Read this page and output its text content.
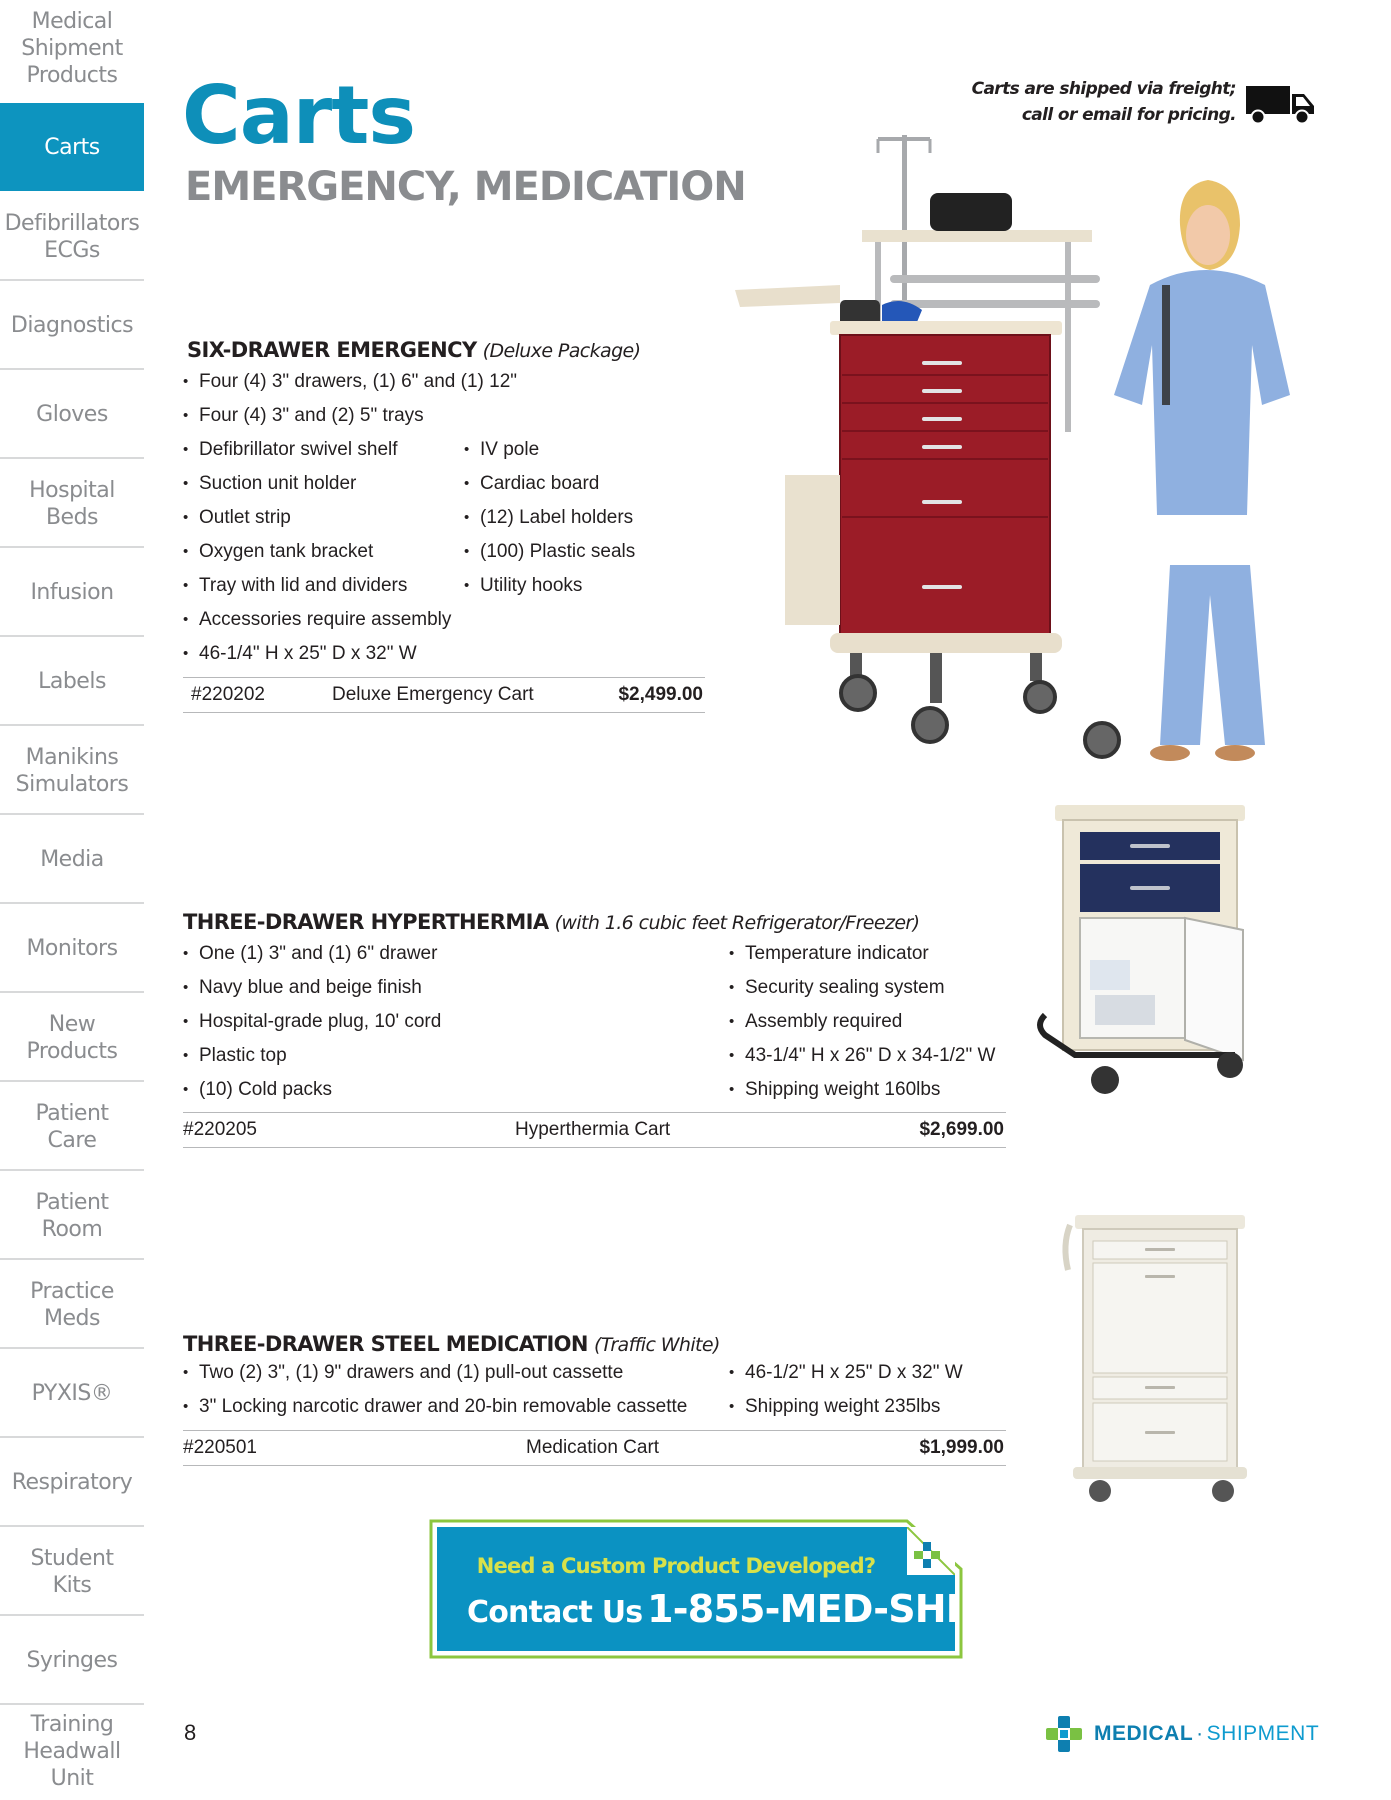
Medical
Shipment
Products
Carts
Defibrillators
ECGs
Diagnostics
Gloves
Hospital
Beds
Infusion
Labels
Manikins
Simulators
Media
Monitors
New
Products
Patient
Care
Patient
Room
Practice
Meds
PYXIS®
Respiratory
Student
Kits
Syringes
Training
Headwall
Unit
Carts
EMERGENCY, MEDICATION
Carts are shipped via freight;
call or email for pricing.
SIX-DRAWER EMERGENCY (Deluxe Package)
• Four (4) 3" drawers, (1) 6" and (1) 12"
• Four (4) 3" and (2) 5" trays
• Defibrillator swivel shelf
• Suction unit holder
• Outlet strip
• Oxygen tank bracket
• Tray with lid and dividers
• Accessories require assembly
• 46-1/4" H x 25" D x 32" W
• IV pole
• Cardiac board
• (12) Label holders
• (100) Plastic seals
• Utility hooks
#220202	Deluxe Emergency Cart	$2,499.00
THREE-DRAWER HYPERTHERMIA (with 1.6 cubic feet Refrigerator/Freezer)
• One (1) 3" and (1) 6" drawer
• Navy blue and beige finish
• Hospital-grade plug, 10' cord
• Plastic top
• (10) Cold packs
• Temperature indicator
• Security sealing system
• Assembly required
• 43-1/4" H x 26" D x 34-1/2" W
• Shipping weight 160lbs
#220205	Hyperthermia Cart	$2,699.00
THREE-DRAWER STEEL MEDICATION (Traffic White)
• Two (2) 3", (1) 9" drawers and (1) pull-out cassette
• 3" Locking narcotic drawer and 20-bin removable cassette
• 46-1/2" H x 25" D x 32" W
• Shipping weight 235lbs
#220501	Medication Cart	$1,999.00
Need a Custom Product Developed?
Contact Us 1-855-MED-SHIP
8	MEDICAL · SHIPMENT
